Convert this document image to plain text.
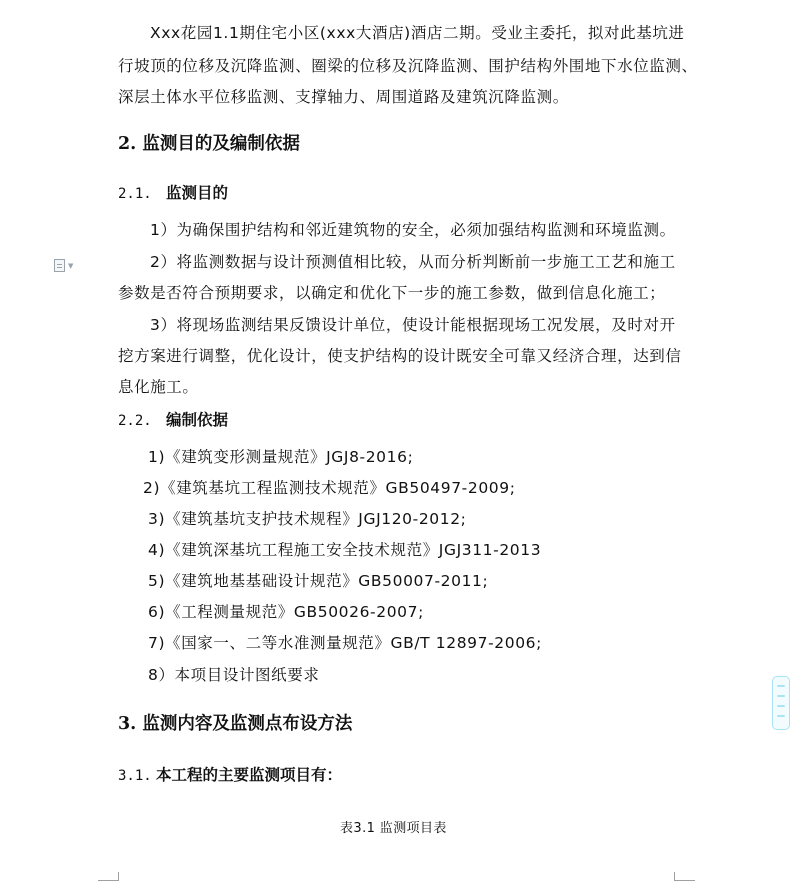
Xxx花园1.1期住宅小区(xxx大酒店)酒店二期。受业主委托，拟对此基坑进
行坡顶的位移及沉降监测、圈梁的位移及沉降监测、围护结构外围地下水位监测、
深层土体水平位移监测、支撑轴力、周围道路及建筑沉降监测。
2. 监测目的及编制依据
2.1. 监测目的
1）为确保围护结构和邻近建筑物的安全，必须加强结构监测和环境监测。
2）将监测数据与设计预测值相比较，从而分析判断前一步施工工艺和施工
参数是否符合预期要求，以确定和优化下一步的施工参数，做到信息化施工；
3）将现场监测结果反馈设计单位，使设计能根据现场工况发展，及时对开
挖方案进行调整，优化设计，使支护结构的设计既安全可靠又经济合理，达到信
息化施工。
2.2. 编制依据
1)《建筑变形测量规范》JGJ8-2016;
2)《建筑基坑工程监测技术规范》GB50497-2009;
3)《建筑基坑支护技术规程》JGJ120-2012;
4)《建筑深基坑工程施工安全技术规范》JGJ311-2013
5)《建筑地基基础设计规范》GB50007-2011;
6)《工程测量规范》GB50026-2007;
7)《国家一、二等水准测量规范》GB/T 12897-2006;
8）本项目设计图纸要求
3. 监测内容及监测点布设方法
3.1. 本工程的主要监测项目有：
表3.1 监测项目表
▼
